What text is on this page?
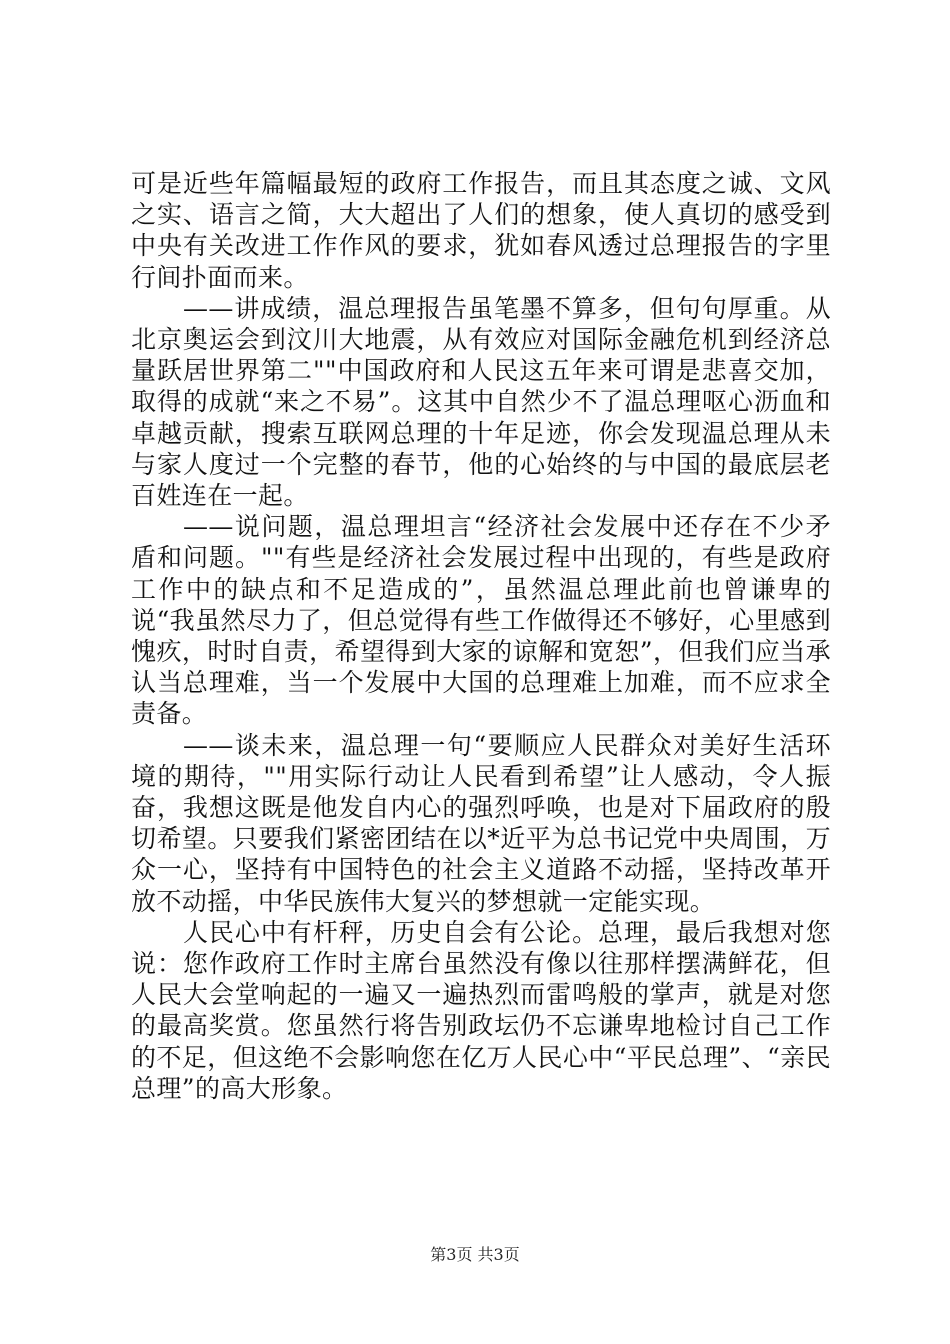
可是近些年篇幅最短的政府工作报告，而且其态度之诚、文风之实、语言之简，大大超出了人们的想象，使人真切的感受到中央有关改进工作作风的要求，犹如春风透过总理报告的字里行间扑面而来。

——讲成绩，温总理报告虽笔墨不算多，但句句厚重。从北京奥运会到汶川大地震，从有效应对国际金融危机到经济总量跃居世界第二""中国政府和人民这五年来可谓是悲喜交加，取得的成就“来之不易”。这其中自然少不了温总理呕心沥血和卓越贡献，搜索互联网总理的十年足迹，你会发现温总理从未与家人度过一个完整的春节，他的心始终的与中国的最底层老百姓连在一起。

——说问题，温总理坦言“经济社会发展中还存在不少矛盾和问题。""有些是经济社会发展过程中出现的，有些是政府工作中的缺点和不足造成的”，虽然温总理此前也曾谦卑的说“我虽然尽力了，但总觉得有些工作做得还不够好，心里感到愧疚，时时自责，希望得到大家的谅解和宽恕”，但我们应当承认当总理难，当一个发展中大国的总理难上加难，而不应求全责备。

——谈未来，温总理一句“要顺应人民群众对美好生活环境的期待，""用实际行动让人民看到希望”让人感动，令人振奋，我想这既是他发自内心的强烈呼唤，也是对下届政府的殷切希望。只要我们紧密团结在以*近平为总书记党中央周围，万众一心，坚持有中国特色的社会主义道路不动摇，坚持改革开放不动摇，中华民族伟大复兴的梦想就一定能实现。

人民心中有杆秤，历史自会有公论。总理，最后我想对您说：您作政府工作时主席台虽然没有像以往那样摆满鲜花，但人民大会堂响起的一遍又一遍热烈而雷鸣般的掌声，就是对您的最高奖赏。您虽然行将告别政坛仍不忘谦卑地检讨自己工作的不足，但这绝不会影响您在亿万人民心中“平民总理”、“亲民总理”的高大形象。

第3页 共3页
